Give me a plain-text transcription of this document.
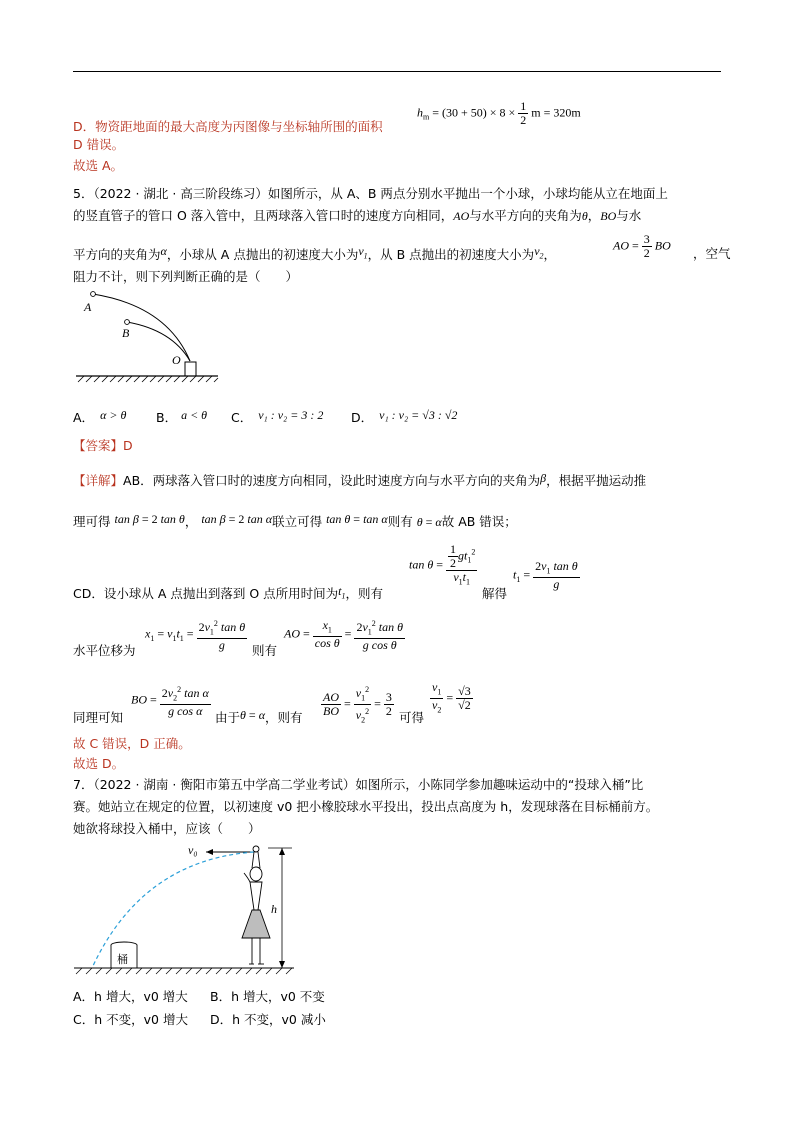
$h_m = (30 + 50) \times 8 \times \frac{1}{2}$ m = 320m
D．物资距地面的最大高度为丙图像与坐标轴所围的面积
D 错误。
故选 A。
5．（2022 · 湖北 · 高三阶段练习）如图所示，从 A、B 两点分别水平抛出一个小球，小球均能从立在地面上
的竖直管子的管口 O 落入管中，且两球落入管口时的速度方向相同，AO与水平方向的夹角为θ，BO与水
平方向的夹角为α，小球从 A 点抛出的初速度大小为$v_1$，从 B 点抛出的初速度大小为$v_2$，
AO = $\frac{3}{2}$ BO
，空气
阻力不计，则下列判断正确的是（　　）
A
B
O
A． α > θ B． a < θ C． v₁ : v₂ = 3 : 2 D． v₁ : v₂ = √3 : √2
【答案】D
【详解】AB．两球落入管口时的速度方向相同，设此时速度方向与水平方向的夹角为β，根据平抛运动推
理可得 tan β = 2 tan θ， tan β = 2 tan α联立可得 tan θ = tan α则有 θ = α故 AB 错误；
CD．设小球从 A 点抛出到落到 O 点所用时间为$t_1$，则有
$\tan \theta = \frac{\frac{1}{2} gt_1^2}{v_1t_1}$
解得
$t_1 = \frac{2v_1 \tan \theta}{g}$
水平位移为
$x_1 = v_1t_1 = \frac{2v_1^2 \tan \theta}{g}$ 则有
AO = $\frac{x_1}{\text{cos θ}} = \frac{2v_1^2 \tan \theta}{\text{g cos θ}}$
同理可知
BO = $\frac{2v_2^2 \tan \alpha}{\text{g cos α}}$ 由于θ = α，则有 $\frac{AO}{BO} = \frac{v_1^2}{v_2^2} = \frac{3}{2}$ 可得
$\frac{v_1}{v_2} = \frac{√3}{√2}$
故 C 错误，D 正确。
故选 D。
7．（2022 · 湖南 · 衡阳市第五中学高二学业考试）如图所示，小陈同学参加趣味运动中的“投球入桶”比
赛。她站立在规定的位置，以初速度 v0 把小橡胶球水平投出，投出点高度为 h，发现球落在目标桶前方。
她欲将球投入桶中，应该（　　）
v₀
h
桶
A．h 增大，v0 增大 B．h 增大，v0 不变
C．h 不变，v0 增大 D．h 不变，v0 减小
